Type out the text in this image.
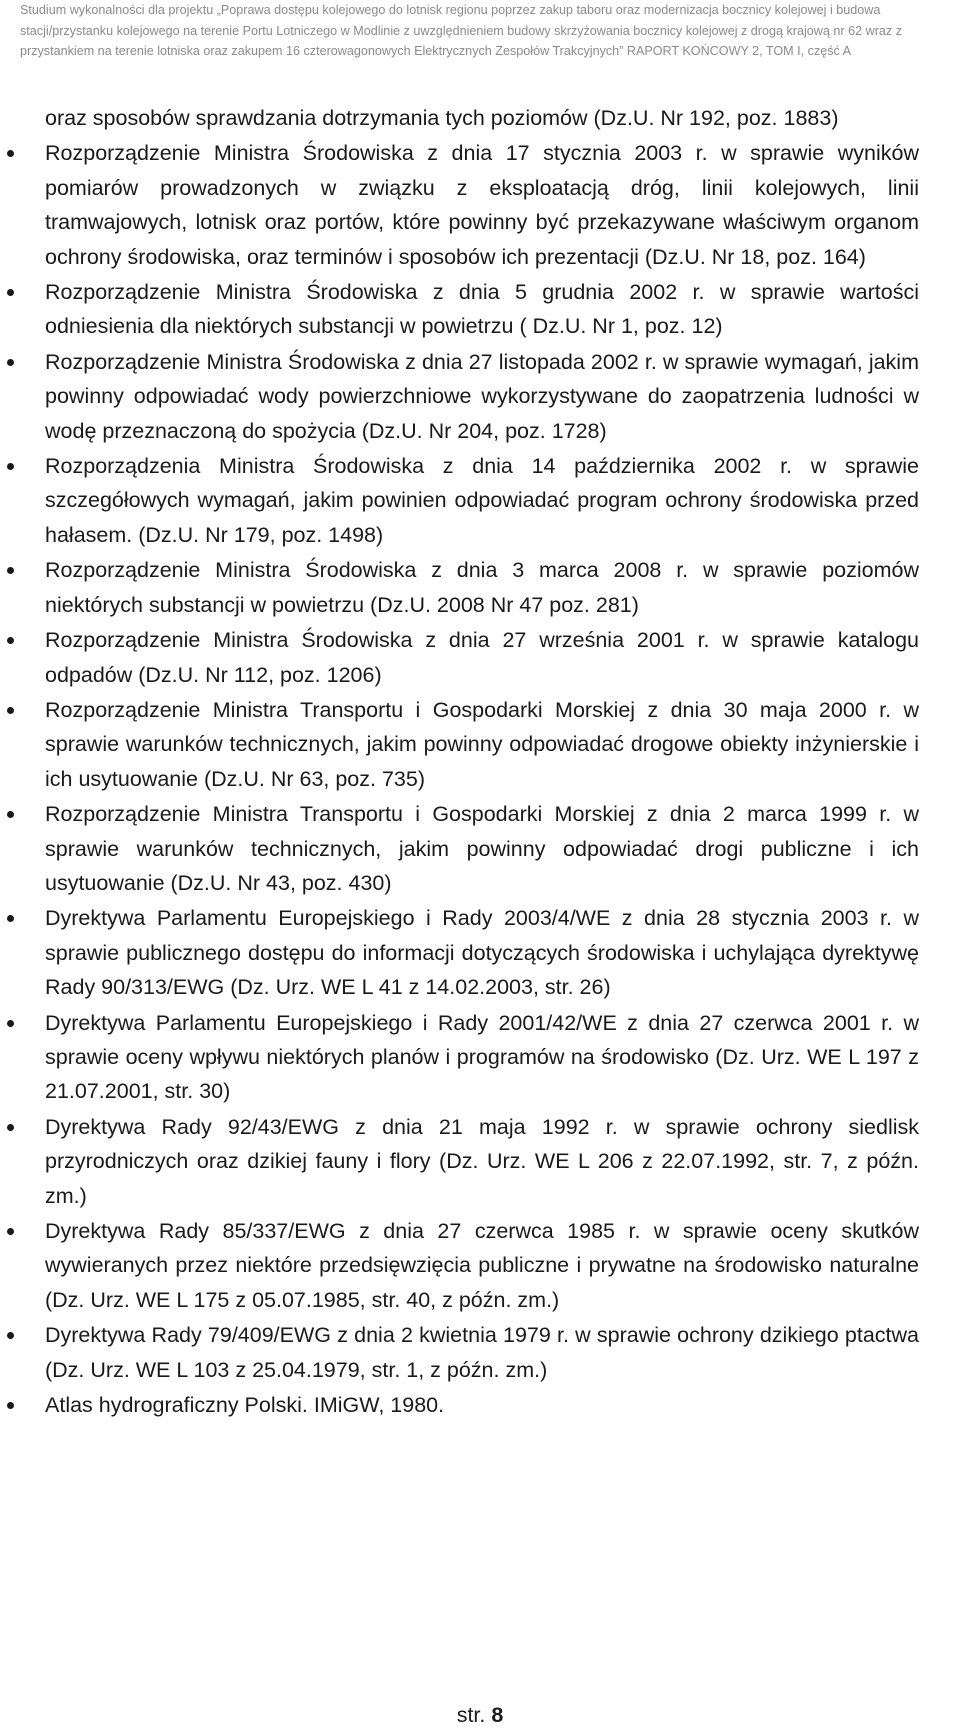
Studium wykonalności dla projektu „Poprawa dostępu kolejowego do lotnisk regionu poprzez zakup taboru oraz modernizacja bocznicy kolejowej i budowa
stacji/przystanku kolejowego na terenie Portu Lotniczego w Modlinie z uwzględnieniem budowy skrzyżowania bocznicy kolejowej z drogą krajową nr 62 wraz z
przystankiem na terenie lotniska oraz zakupem 16 czterowagonowych Elektrycznych Zespołów Trakcyjnych” RAPORT KOŃCOWY 2, TOM I, część A

oraz sposobów sprawdzania dotrzymania tych poziomów (Dz.U. Nr 192, poz. 1883)

Rozporządzenie Ministra Środowiska z dnia 17 stycznia 2003 r. w sprawie wyników pomiarów prowadzonych w związku z eksploatacją dróg, linii kolejowych, linii tramwajowych, lotnisk oraz portów, które powinny być przekazywane właściwym organom ochrony środowiska, oraz terminów i sposobów ich prezentacji (Dz.U. Nr 18, poz. 164)
Rozporządzenie Ministra Środowiska z dnia 5 grudnia 2002 r. w sprawie wartości odniesienia dla niektórych substancji w powietrzu ( Dz.U. Nr 1, poz. 12)
Rozporządzenie Ministra Środowiska z dnia 27 listopada 2002 r. w sprawie wymagań, jakim powinny odpowiadać wody powierzchniowe wykorzystywane do zaopatrzenia ludności w wodę przeznaczoną do spożycia (Dz.U. Nr 204, poz. 1728)
Rozporządzenia Ministra Środowiska z dnia 14 października 2002 r. w sprawie szczegółowych wymagań, jakim powinien odpowiadać program ochrony środowiska przed hałasem. (Dz.U. Nr 179, poz. 1498)
Rozporządzenie Ministra Środowiska z dnia 3 marca 2008 r. w sprawie poziomów niektórych substancji w powietrzu (Dz.U. 2008 Nr 47 poz. 281)
Rozporządzenie Ministra Środowiska z dnia 27 września 2001 r. w sprawie katalogu odpadów (Dz.U. Nr 112, poz. 1206)
Rozporządzenie Ministra Transportu i Gospodarki Morskiej z dnia 30 maja 2000 r. w sprawie warunków technicznych, jakim powinny odpowiadać drogowe obiekty inżynierskie i ich usytuowanie (Dz.U. Nr 63, poz. 735)
Rozporządzenie Ministra Transportu i Gospodarki Morskiej z dnia 2 marca 1999 r. w sprawie warunków technicznych, jakim powinny odpowiadać drogi publiczne i ich usytuowanie (Dz.U. Nr 43, poz. 430)
Dyrektywa Parlamentu Europejskiego i Rady 2003/4/WE z dnia 28 stycznia 2003 r. w sprawie publicznego dostępu do informacji dotyczących środowiska i uchylająca dyrektywę Rady 90/313/EWG (Dz. Urz. WE L 41 z 14.02.2003, str. 26)
Dyrektywa Parlamentu Europejskiego i Rady 2001/42/WE z dnia 27 czerwca 2001 r. w sprawie oceny wpływu niektórych planów i programów na środowisko (Dz. Urz. WE L 197 z 21.07.2001, str. 30)
Dyrektywa Rady 92/43/EWG z dnia 21 maja 1992 r. w sprawie ochrony siedlisk przyrodniczych oraz dzikiej fauny i flory (Dz. Urz. WE L 206 z 22.07.1992, str. 7, z późn. zm.)
Dyrektywa Rady 85/337/EWG z dnia 27 czerwca 1985 r. w sprawie oceny skutków wywieranych przez niektóre przedsięwzięcia publiczne i prywatne na środowisko naturalne (Dz. Urz. WE L 175 z 05.07.1985, str. 40, z późn. zm.)
Dyrektywa Rady 79/409/EWG z dnia 2 kwietnia 1979 r. w sprawie ochrony dzikiego ptactwa (Dz. Urz. WE L 103 z 25.04.1979, str. 1, z późn. zm.)
Atlas hydrograficzny Polski. IMiGW, 1980.
str. 8
